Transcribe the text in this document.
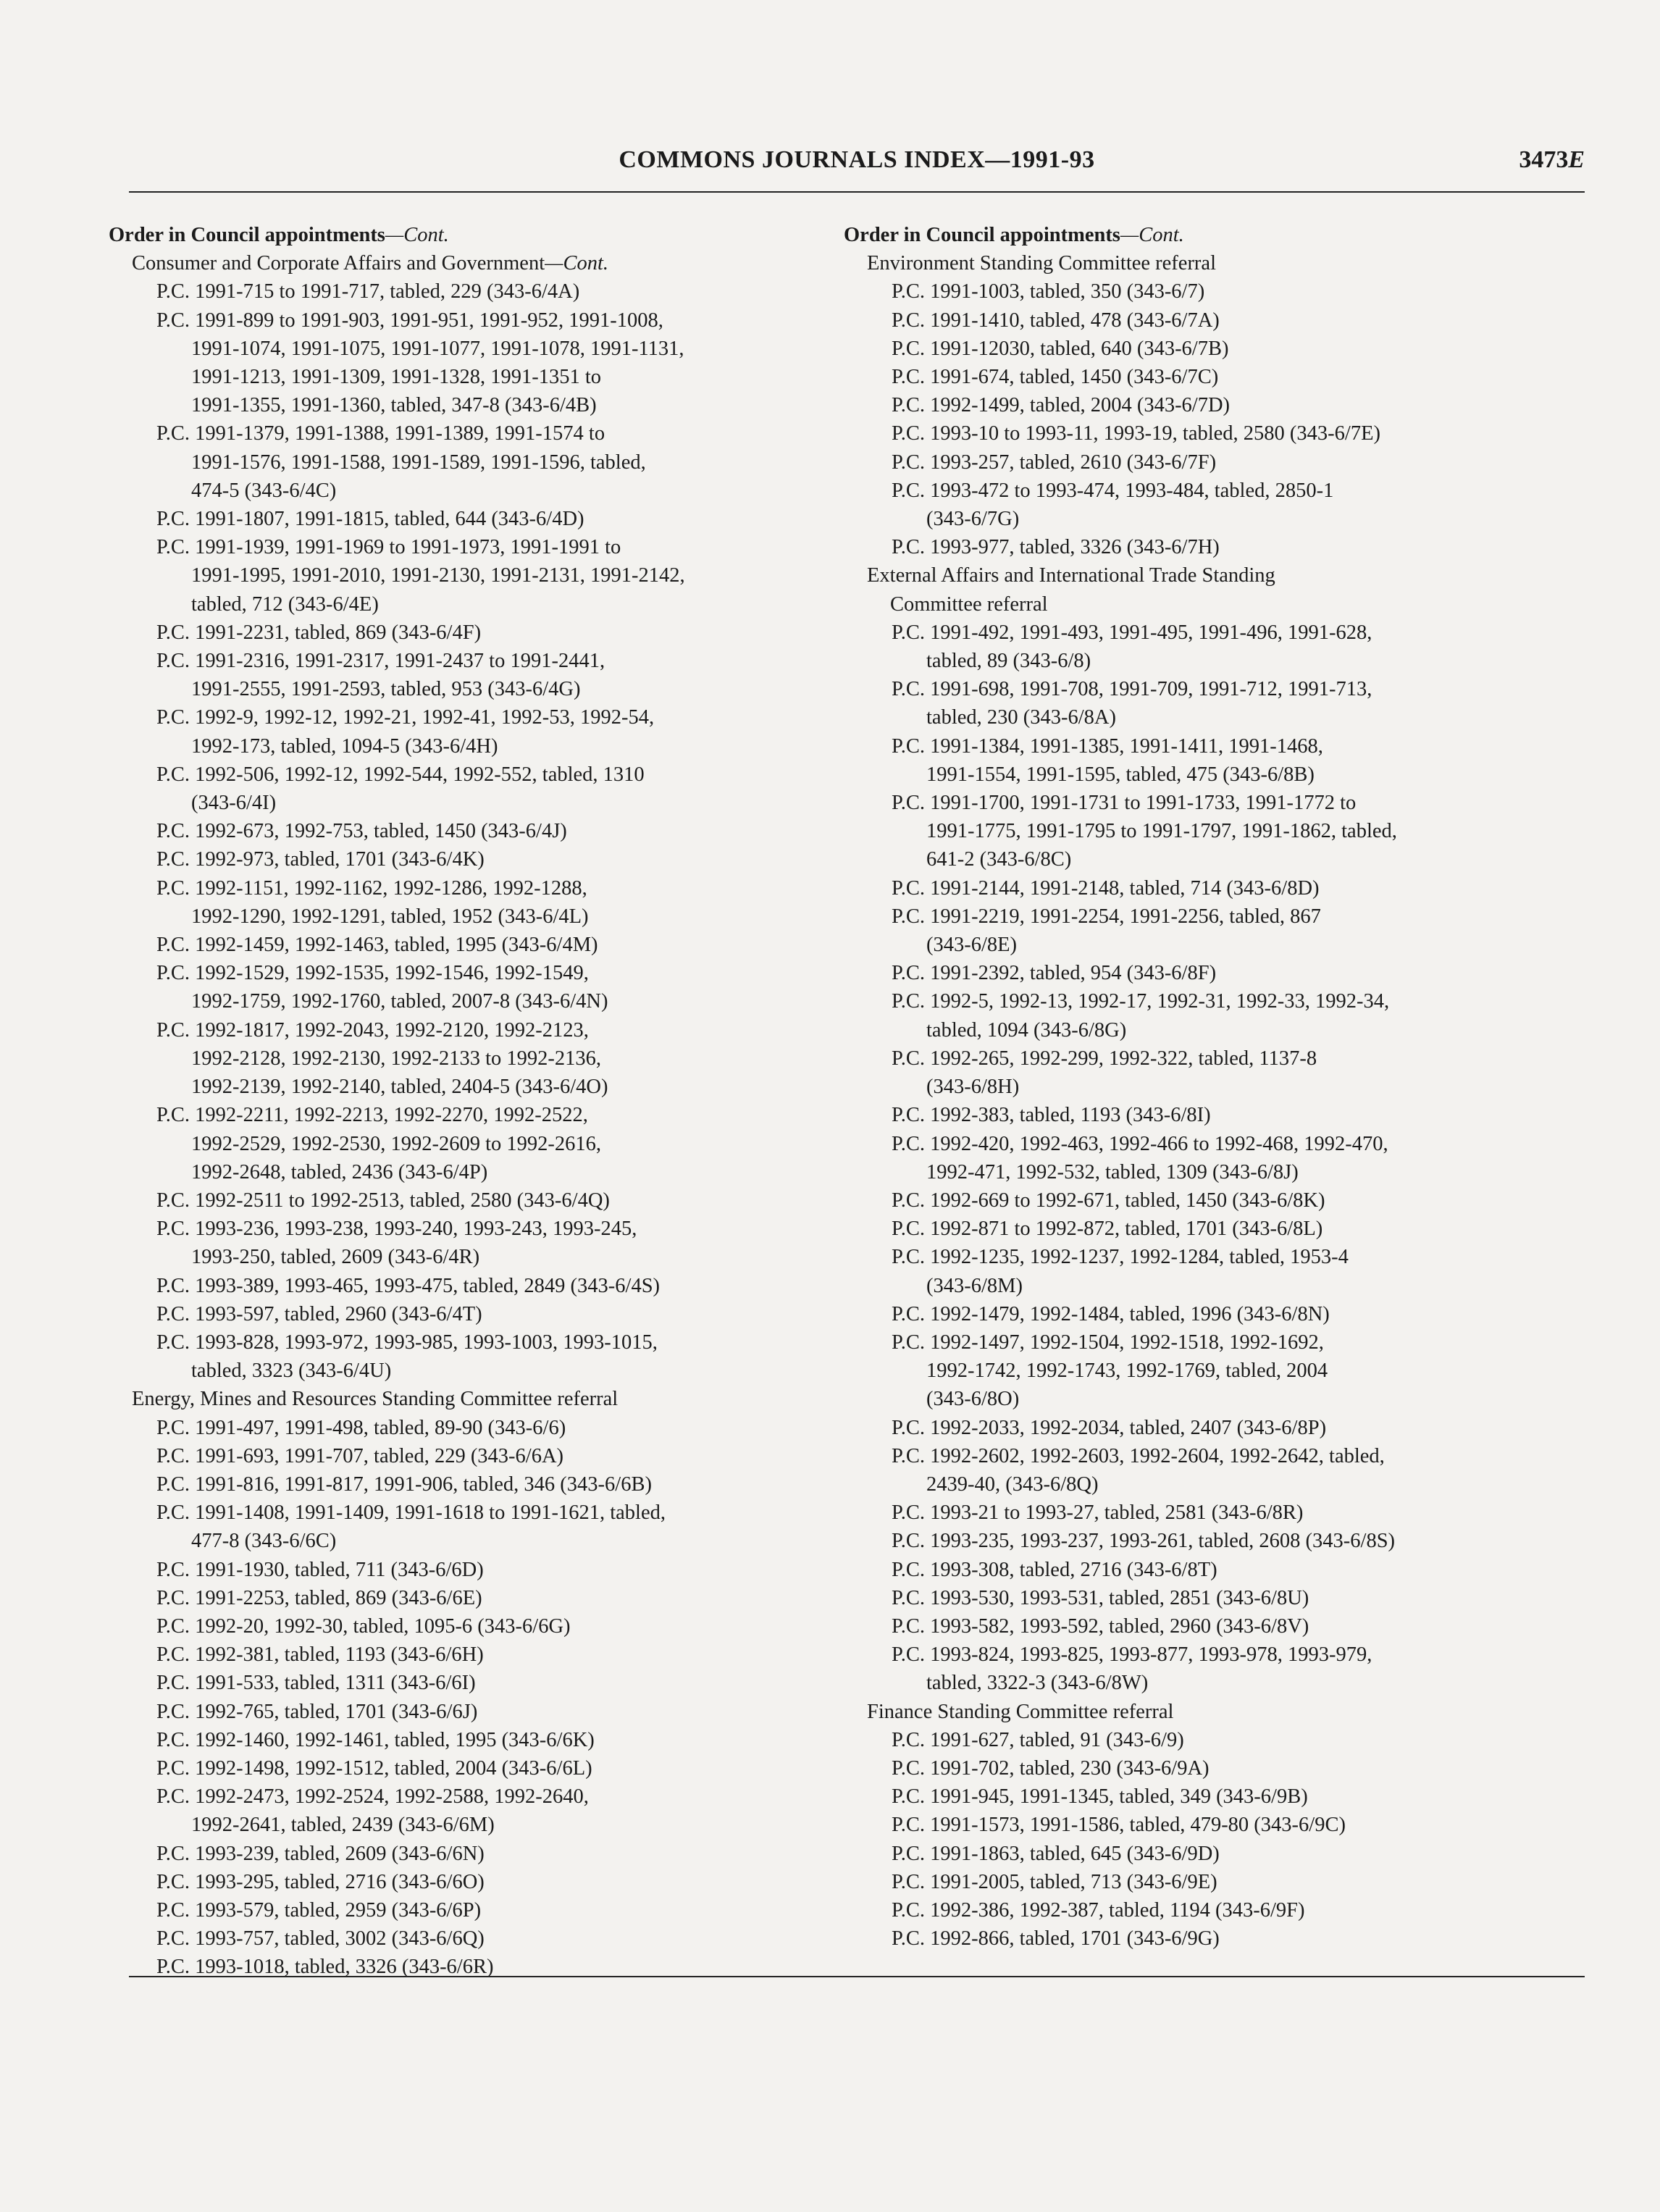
COMMONS JOURNALS INDEX—1991-93	3473E
Order in Council appointments—Cont.
Consumer and Corporate Affairs and Government—Cont.
P.C. 1991-715 to 1991-717, tabled, 229 (343-6/4A)
P.C. 1991-899 to 1991-903, 1991-951, 1991-952, 1991-1008,
1991-1074, 1991-1075, 1991-1077, 1991-1078, 1991-1131,
1991-1213, 1991-1309, 1991-1328, 1991-1351 to
1991-1355, 1991-1360, tabled, 347-8 (343-6/4B)
P.C. 1991-1379, 1991-1388, 1991-1389, 1991-1574 to
1991-1576, 1991-1588, 1991-1589, 1991-1596, tabled,
474-5 (343-6/4C)
P.C. 1991-1807, 1991-1815, tabled, 644 (343-6/4D)
P.C. 1991-1939, 1991-1969 to 1991-1973, 1991-1991 to
1991-1995, 1991-2010, 1991-2130, 1991-2131, 1991-2142,
tabled, 712 (343-6/4E)
P.C. 1991-2231, tabled, 869 (343-6/4F)
P.C. 1991-2316, 1991-2317, 1991-2437 to 1991-2441,
1991-2555, 1991-2593, tabled, 953 (343-6/4G)
P.C. 1992-9, 1992-12, 1992-21, 1992-41, 1992-53, 1992-54,
1992-173, tabled, 1094-5 (343-6/4H)
P.C. 1992-506, 1992-12, 1992-544, 1992-552, tabled, 1310
(343-6/4I)
P.C. 1992-673, 1992-753, tabled, 1450 (343-6/4J)
P.C. 1992-973, tabled, 1701 (343-6/4K)
P.C. 1992-1151, 1992-1162, 1992-1286, 1992-1288,
1992-1290, 1992-1291, tabled, 1952 (343-6/4L)
P.C. 1992-1459, 1992-1463, tabled, 1995 (343-6/4M)
P.C. 1992-1529, 1992-1535, 1992-1546, 1992-1549,
1992-1759, 1992-1760, tabled, 2007-8 (343-6/4N)
P.C. 1992-1817, 1992-2043, 1992-2120, 1992-2123,
1992-2128, 1992-2130, 1992-2133 to 1992-2136,
1992-2139, 1992-2140, tabled, 2404-5 (343-6/4O)
P.C. 1992-2211, 1992-2213, 1992-2270, 1992-2522,
1992-2529, 1992-2530, 1992-2609 to 1992-2616,
1992-2648, tabled, 2436 (343-6/4P)
P.C. 1992-2511 to 1992-2513, tabled, 2580 (343-6/4Q)
P.C. 1993-236, 1993-238, 1993-240, 1993-243, 1993-245,
1993-250, tabled, 2609 (343-6/4R)
P.C. 1993-389, 1993-465, 1993-475, tabled, 2849 (343-6/4S)
P.C. 1993-597, tabled, 2960 (343-6/4T)
P.C. 1993-828, 1993-972, 1993-985, 1993-1003, 1993-1015,
tabled, 3323 (343-6/4U)
Energy, Mines and Resources Standing Committee referral
P.C. 1991-497, 1991-498, tabled, 89-90 (343-6/6)
P.C. 1991-693, 1991-707, tabled, 229 (343-6/6A)
P.C. 1991-816, 1991-817, 1991-906, tabled, 346 (343-6/6B)
P.C. 1991-1408, 1991-1409, 1991-1618 to 1991-1621, tabled,
477-8 (343-6/6C)
P.C. 1991-1930, tabled, 711 (343-6/6D)
P.C. 1991-2253, tabled, 869 (343-6/6E)
P.C. 1992-20, 1992-30, tabled, 1095-6 (343-6/6G)
P.C. 1992-381, tabled, 1193 (343-6/6H)
P.C. 1991-533, tabled, 1311 (343-6/6I)
P.C. 1992-765, tabled, 1701 (343-6/6J)
P.C. 1992-1460, 1992-1461, tabled, 1995 (343-6/6K)
P.C. 1992-1498, 1992-1512, tabled, 2004 (343-6/6L)
P.C. 1992-2473, 1992-2524, 1992-2588, 1992-2640,
1992-2641, tabled, 2439 (343-6/6M)
P.C. 1993-239, tabled, 2609 (343-6/6N)
P.C. 1993-295, tabled, 2716 (343-6/6O)
P.C. 1993-579, tabled, 2959 (343-6/6P)
P.C. 1993-757, tabled, 3002 (343-6/6Q)
P.C. 1993-1018, tabled, 3326 (343-6/6R)
Order in Council appointments—Cont.
Environment Standing Committee referral
P.C. 1991-1003, tabled, 350 (343-6/7)
P.C. 1991-1410, tabled, 478 (343-6/7A)
P.C. 1991-12030, tabled, 640 (343-6/7B)
P.C. 1991-674, tabled, 1450 (343-6/7C)
P.C. 1992-1499, tabled, 2004 (343-6/7D)
P.C. 1993-10 to 1993-11, 1993-19, tabled, 2580 (343-6/7E)
P.C. 1993-257, tabled, 2610 (343-6/7F)
P.C. 1993-472 to 1993-474, 1993-484, tabled, 2850-1
(343-6/7G)
P.C. 1993-977, tabled, 3326 (343-6/7H)
External Affairs and International Trade Standing
Committee referral
P.C. 1991-492, 1991-493, 1991-495, 1991-496, 1991-628,
tabled, 89 (343-6/8)
P.C. 1991-698, 1991-708, 1991-709, 1991-712, 1991-713,
tabled, 230 (343-6/8A)
P.C. 1991-1384, 1991-1385, 1991-1411, 1991-1468,
1991-1554, 1991-1595, tabled, 475 (343-6/8B)
P.C. 1991-1700, 1991-1731 to 1991-1733, 1991-1772 to
1991-1775, 1991-1795 to 1991-1797, 1991-1862, tabled,
641-2 (343-6/8C)
P.C. 1991-2144, 1991-2148, tabled, 714 (343-6/8D)
P.C. 1991-2219, 1991-2254, 1991-2256, tabled, 867
(343-6/8E)
P.C. 1991-2392, tabled, 954 (343-6/8F)
P.C. 1992-5, 1992-13, 1992-17, 1992-31, 1992-33, 1992-34,
tabled, 1094 (343-6/8G)
P.C. 1992-265, 1992-299, 1992-322, tabled, 1137-8
(343-6/8H)
P.C. 1992-383, tabled, 1193 (343-6/8I)
P.C. 1992-420, 1992-463, 1992-466 to 1992-468, 1992-470,
1992-471, 1992-532, tabled, 1309 (343-6/8J)
P.C. 1992-669 to 1992-671, tabled, 1450 (343-6/8K)
P.C. 1992-871 to 1992-872, tabled, 1701 (343-6/8L)
P.C. 1992-1235, 1992-1237, 1992-1284, tabled, 1953-4
(343-6/8M)
P.C. 1992-1479, 1992-1484, tabled, 1996 (343-6/8N)
P.C. 1992-1497, 1992-1504, 1992-1518, 1992-1692,
1992-1742, 1992-1743, 1992-1769, tabled, 2004
(343-6/8O)
P.C. 1992-2033, 1992-2034, tabled, 2407 (343-6/8P)
P.C. 1992-2602, 1992-2603, 1992-2604, 1992-2642, tabled,
2439-40, (343-6/8Q)
P.C. 1993-21 to 1993-27, tabled, 2581 (343-6/8R)
P.C. 1993-235, 1993-237, 1993-261, tabled, 2608 (343-6/8S)
P.C. 1993-308, tabled, 2716 (343-6/8T)
P.C. 1993-530, 1993-531, tabled, 2851 (343-6/8U)
P.C. 1993-582, 1993-592, tabled, 2960 (343-6/8V)
P.C. 1993-824, 1993-825, 1993-877, 1993-978, 1993-979,
tabled, 3322-3 (343-6/8W)
Finance Standing Committee referral
P.C. 1991-627, tabled, 91 (343-6/9)
P.C. 1991-702, tabled, 230 (343-6/9A)
P.C. 1991-945, 1991-1345, tabled, 349 (343-6/9B)
P.C. 1991-1573, 1991-1586, tabled, 479-80 (343-6/9C)
P.C. 1991-1863, tabled, 645 (343-6/9D)
P.C. 1991-2005, tabled, 713 (343-6/9E)
P.C. 1992-386, 1992-387, tabled, 1194 (343-6/9F)
P.C. 1992-866, tabled, 1701 (343-6/9G)
